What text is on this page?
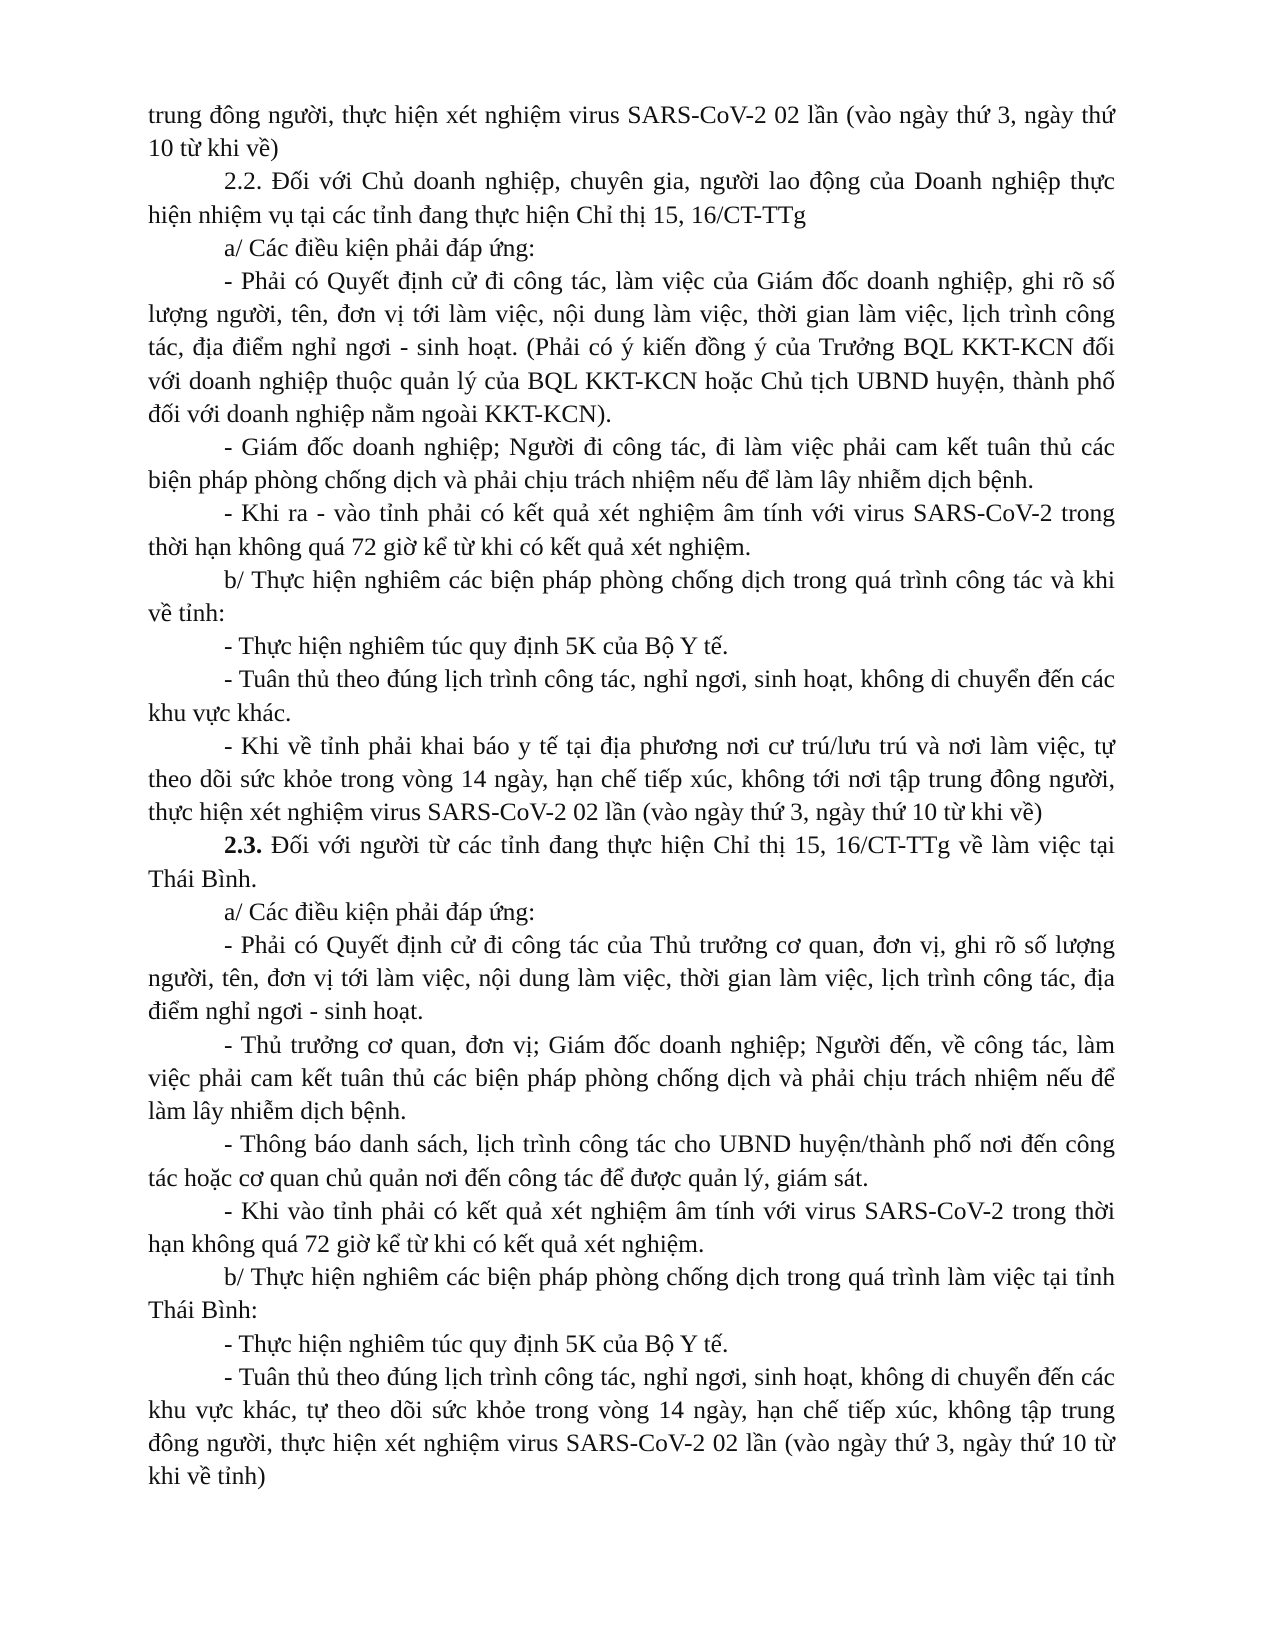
trung đông người, thực hiện xét nghiệm virus SARS-CoV-2 02 lần (vào ngày thứ 3, ngày thứ 10 từ khi về)

2.2. Đối với Chủ doanh nghiệp, chuyên gia, người lao động của Doanh nghiệp thực hiện nhiệm vụ tại các tỉnh đang thực hiện Chỉ thị 15, 16/CT-TTg

a/ Các điều kiện phải đáp ứng:

- Phải có Quyết định cử đi công tác, làm việc của Giám đốc doanh nghiệp, ghi rõ số lượng người, tên, đơn vị tới làm việc, nội dung làm việc, thời gian làm việc, lịch trình công tác, địa điểm nghỉ ngơi - sinh hoạt. (Phải có ý kiến đồng ý của Trưởng BQL KKT-KCN đối với doanh nghiệp thuộc quản lý của BQL KKT-KCN hoặc Chủ tịch UBND huyện, thành phố đối với doanh nghiệp nằm ngoài KKT-KCN).

- Giám đốc doanh nghiệp; Người đi công tác, đi làm việc phải cam kết tuân thủ các biện pháp phòng chống dịch và phải chịu trách nhiệm nếu để làm lây nhiễm dịch bệnh.

- Khi ra - vào tỉnh phải có kết quả xét nghiệm âm tính với virus SARS-CoV-2 trong thời hạn không quá 72 giờ kể từ khi có kết quả xét nghiệm.

b/ Thực hiện nghiêm các biện pháp phòng chống dịch trong quá trình công tác và khi về tỉnh:

- Thực hiện nghiêm túc quy định 5K của Bộ Y tế.

- Tuân thủ theo đúng lịch trình công tác, nghỉ ngơi, sinh hoạt, không di chuyển đến các khu vực khác.

- Khi về tỉnh phải khai báo y tế tại địa phương nơi cư trú/lưu trú và nơi làm việc, tự theo dõi sức khỏe trong vòng 14 ngày, hạn chế tiếp xúc, không tới nơi tập trung đông người, thực hiện xét nghiệm virus SARS-CoV-2 02 lần (vào ngày thứ 3, ngày thứ 10 từ khi về)

2.3. Đối với người từ các tỉnh đang thực hiện Chỉ thị 15, 16/CT-TTg về làm việc tại Thái Bình.

a/ Các điều kiện phải đáp ứng:

- Phải có Quyết định cử đi công tác của Thủ trưởng cơ quan, đơn vị, ghi rõ số lượng người, tên, đơn vị tới làm việc, nội dung làm việc, thời gian làm việc, lịch trình công tác, địa điểm nghỉ ngơi - sinh hoạt.

- Thủ trưởng cơ quan, đơn vị; Giám đốc doanh nghiệp; Người đến, về công tác, làm việc phải cam kết tuân thủ các biện pháp phòng chống dịch và phải chịu trách nhiệm nếu để làm lây nhiễm dịch bệnh.

- Thông báo danh sách, lịch trình công tác cho UBND huyện/thành phố nơi đến công tác hoặc cơ quan chủ quản nơi đến công tác để được quản lý, giám sát.

- Khi vào tỉnh phải có kết quả xét nghiệm âm tính với virus SARS-CoV-2 trong thời hạn không quá 72 giờ kể từ khi có kết quả xét nghiệm.

b/ Thực hiện nghiêm các biện pháp phòng chống dịch trong quá trình làm việc tại tỉnh Thái Bình:

- Thực hiện nghiêm túc quy định 5K của Bộ Y tế.

- Tuân thủ theo đúng lịch trình công tác, nghỉ ngơi, sinh hoạt, không di chuyển đến các khu vực khác, tự theo dõi sức khỏe trong vòng 14 ngày, hạn chế tiếp xúc, không tập trung đông người, thực hiện xét nghiệm virus SARS-CoV-2 02 lần (vào ngày thứ 3, ngày thứ 10 từ khi về tỉnh)
